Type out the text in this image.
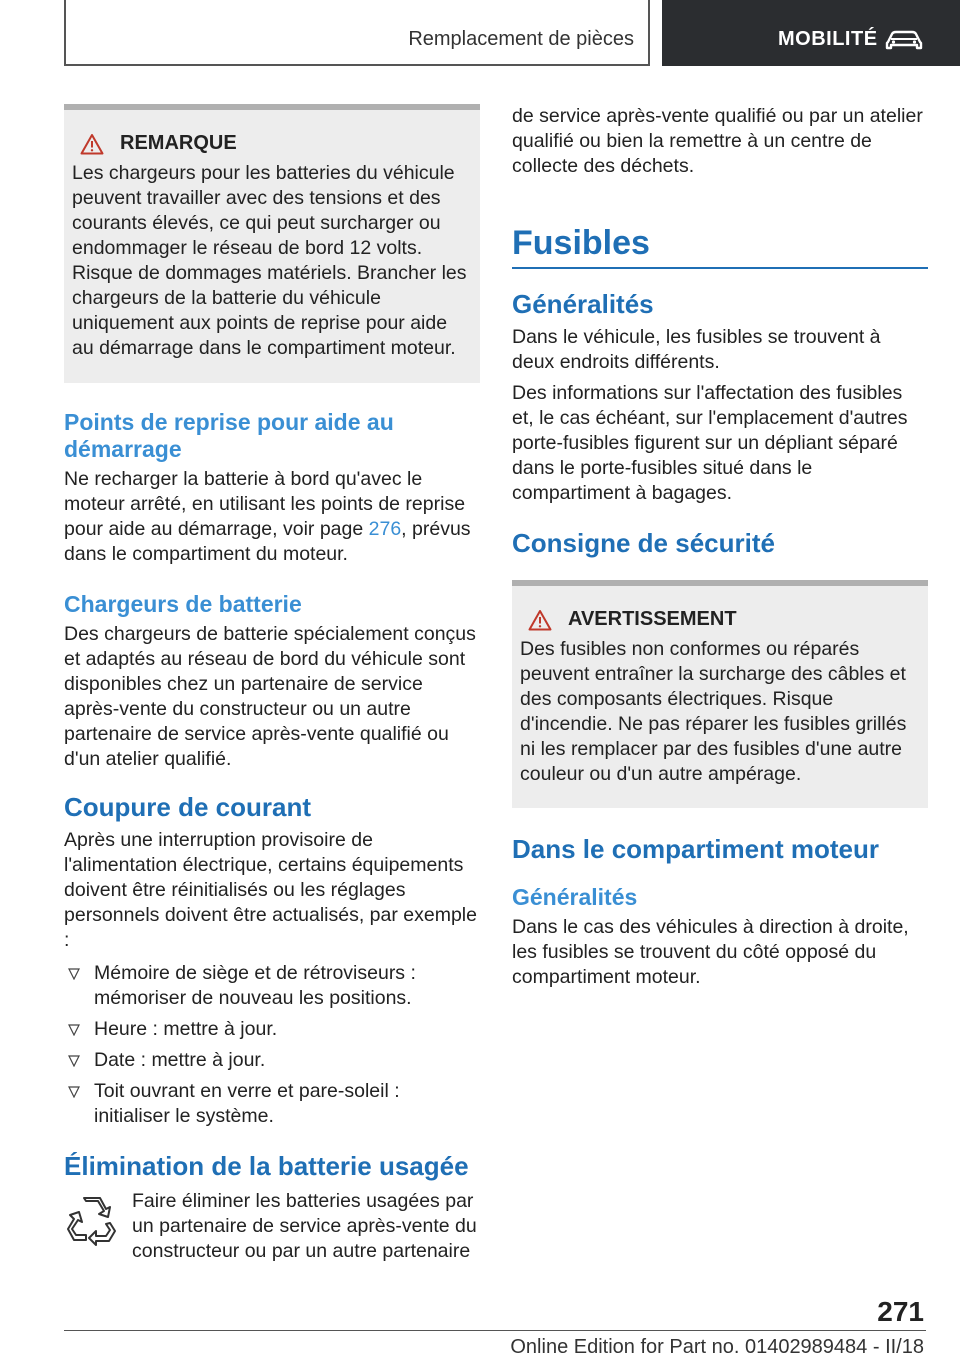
Remplacement de pièces	MOBILITÉ
REMARQUE

Les chargeurs pour les batteries du véhicule peuvent travailler avec des tensions et des courants élevés, ce qui peut surcharger ou endommager le réseau de bord 12 volts. Risque de dommages matériels. Brancher les chargeurs de la batterie du véhicule uniquement aux points de reprise pour aide au démarrage dans le compartiment moteur.

Points de reprise pour aide au démarrage

Ne recharger la batterie à bord qu'avec le moteur arrêté, en utilisant les points de reprise pour aide au démarrage, voir page 276, prévus dans le compartiment du moteur.

Chargeurs de batterie

Des chargeurs de batterie spécialement conçus et adaptés au réseau de bord du véhicule sont disponibles chez un partenaire de service après-vente du constructeur ou un autre partenaire de service après-vente qualifié ou d'un atelier qualifié.

Coupure de courant

Après une interruption provisoire de l'alimentation électrique, certains équipements doivent être réinitialisés ou les réglages personnels doivent être actualisés, par exemple :

Mémoire de siège et de rétroviseurs : mémoriser de nouveau les positions.
Heure : mettre à jour.
Date : mettre à jour.
Toit ouvrant en verre et pare-soleil : initialiser le système.
Élimination de la batterie usagée

Faire éliminer les batteries usagées par un partenaire de service après-vente du constructeur ou par un autre partenaire

de service après-vente qualifié ou par un atelier qualifié ou bien la remettre à un centre de collecte des déchets.

Fusibles
Généralités

Dans le véhicule, les fusibles se trouvent à deux endroits différents.

Des informations sur l'affectation des fusibles et, le cas échéant, sur l'emplacement d'autres porte-fusibles figurent sur un dépliant séparé dans le porte-fusibles situé dans le compartiment à bagages.

Consigne de sécurité
AVERTISSEMENT

Des fusibles non conformes ou réparés peuvent entraîner la surcharge des câbles et des composants électriques. Risque d'incendie. Ne pas réparer les fusibles grillés ni les remplacer par des fusibles d'une autre couleur ou d'un autre ampérage.

Dans le compartiment moteur
Généralités

Dans le cas des véhicules à direction à droite, les fusibles se trouvent du côté opposé du compartiment moteur.

271
Online Edition for Part no. 01402989484 - II/18
